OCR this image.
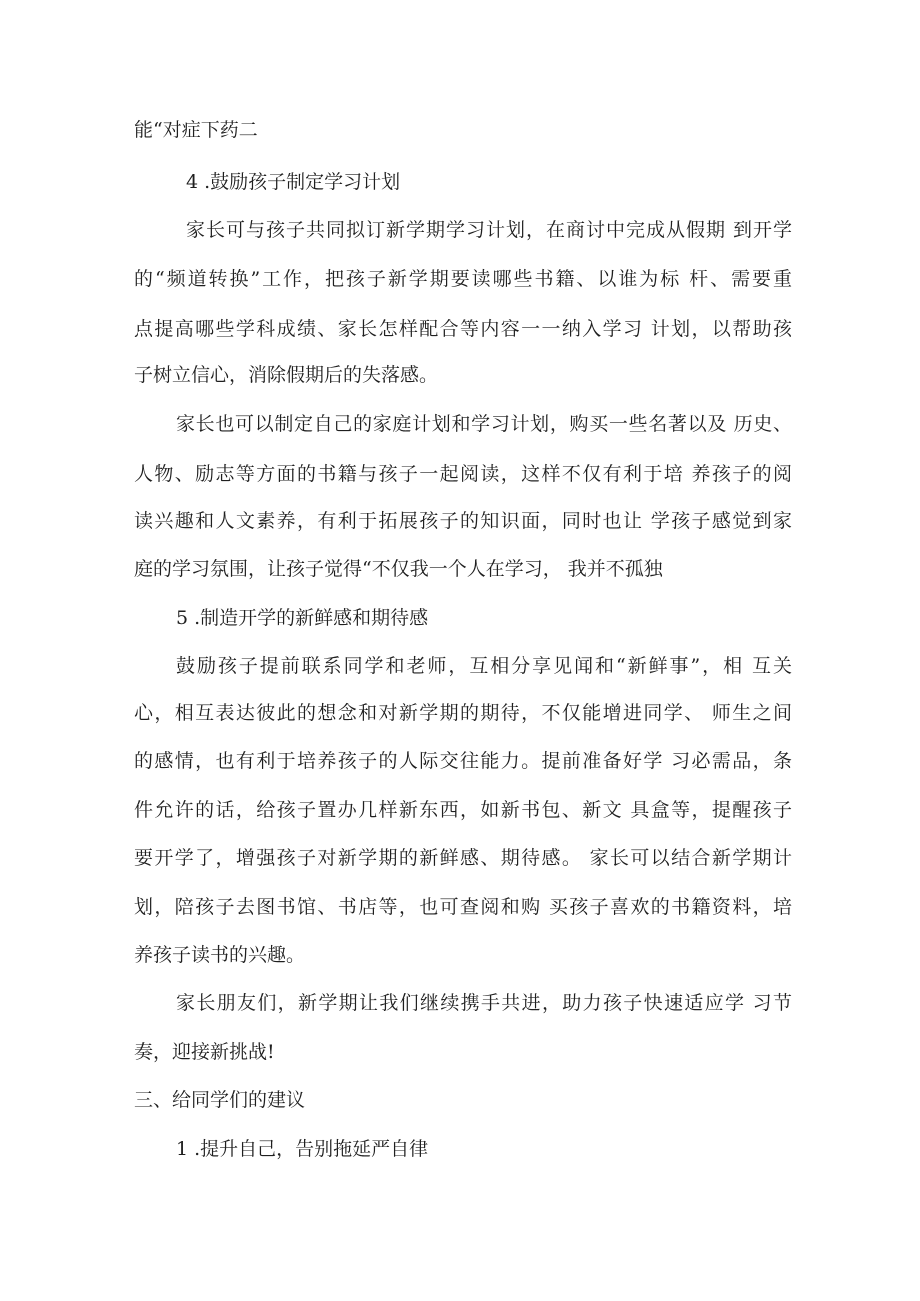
能“对症下药二

4 .鼓励孩子制定学习计划

家长可与孩子共同拟订新学期学习计划，在商讨中完成从假期 到开学

的“频道转换”工作，把孩子新学期要读哪些书籍、以谁为标 杆、需要重

点提高哪些学科成绩、家长怎样配合等内容一一纳入学习 计划，以帮助孩

子树立信心，消除假期后的失落感。

家长也可以制定自己的家庭计划和学习计划，购买一些名著以及 历史、

人物、励志等方面的书籍与孩子一起阅读，这样不仅有利于培 养孩子的阅

读兴趣和人文素养，有利于拓展孩子的知识面，同时也让 学孩子感觉到家

庭的学习氛围，让孩子觉得“不仅我一个人在学习， 我并不孤独

5 .制造开学的新鲜感和期待感

鼓励孩子提前联系同学和老师，互相分享见闻和“新鲜事”，相 互关

心，相互表达彼此的想念和对新学期的期待，不仅能增进同学、 师生之间

的感情，也有利于培养孩子的人际交往能力。提前准备好学 习必需品，条

件允许的话，给孩子置办几样新东西，如新书包、新文 具盒等，提醒孩子

要开学了，增强孩子对新学期的新鲜感、期待感。 家长可以结合新学期计

划，陪孩子去图书馆、书店等，也可查阅和购 买孩子喜欢的书籍资料，培

养孩子读书的兴趣。

家长朋友们，新学期让我们继续携手共进，助力孩子快速适应学 习节

奏，迎接新挑战!

三、给同学们的建议

1 .提升自己，告别拖延严自律
